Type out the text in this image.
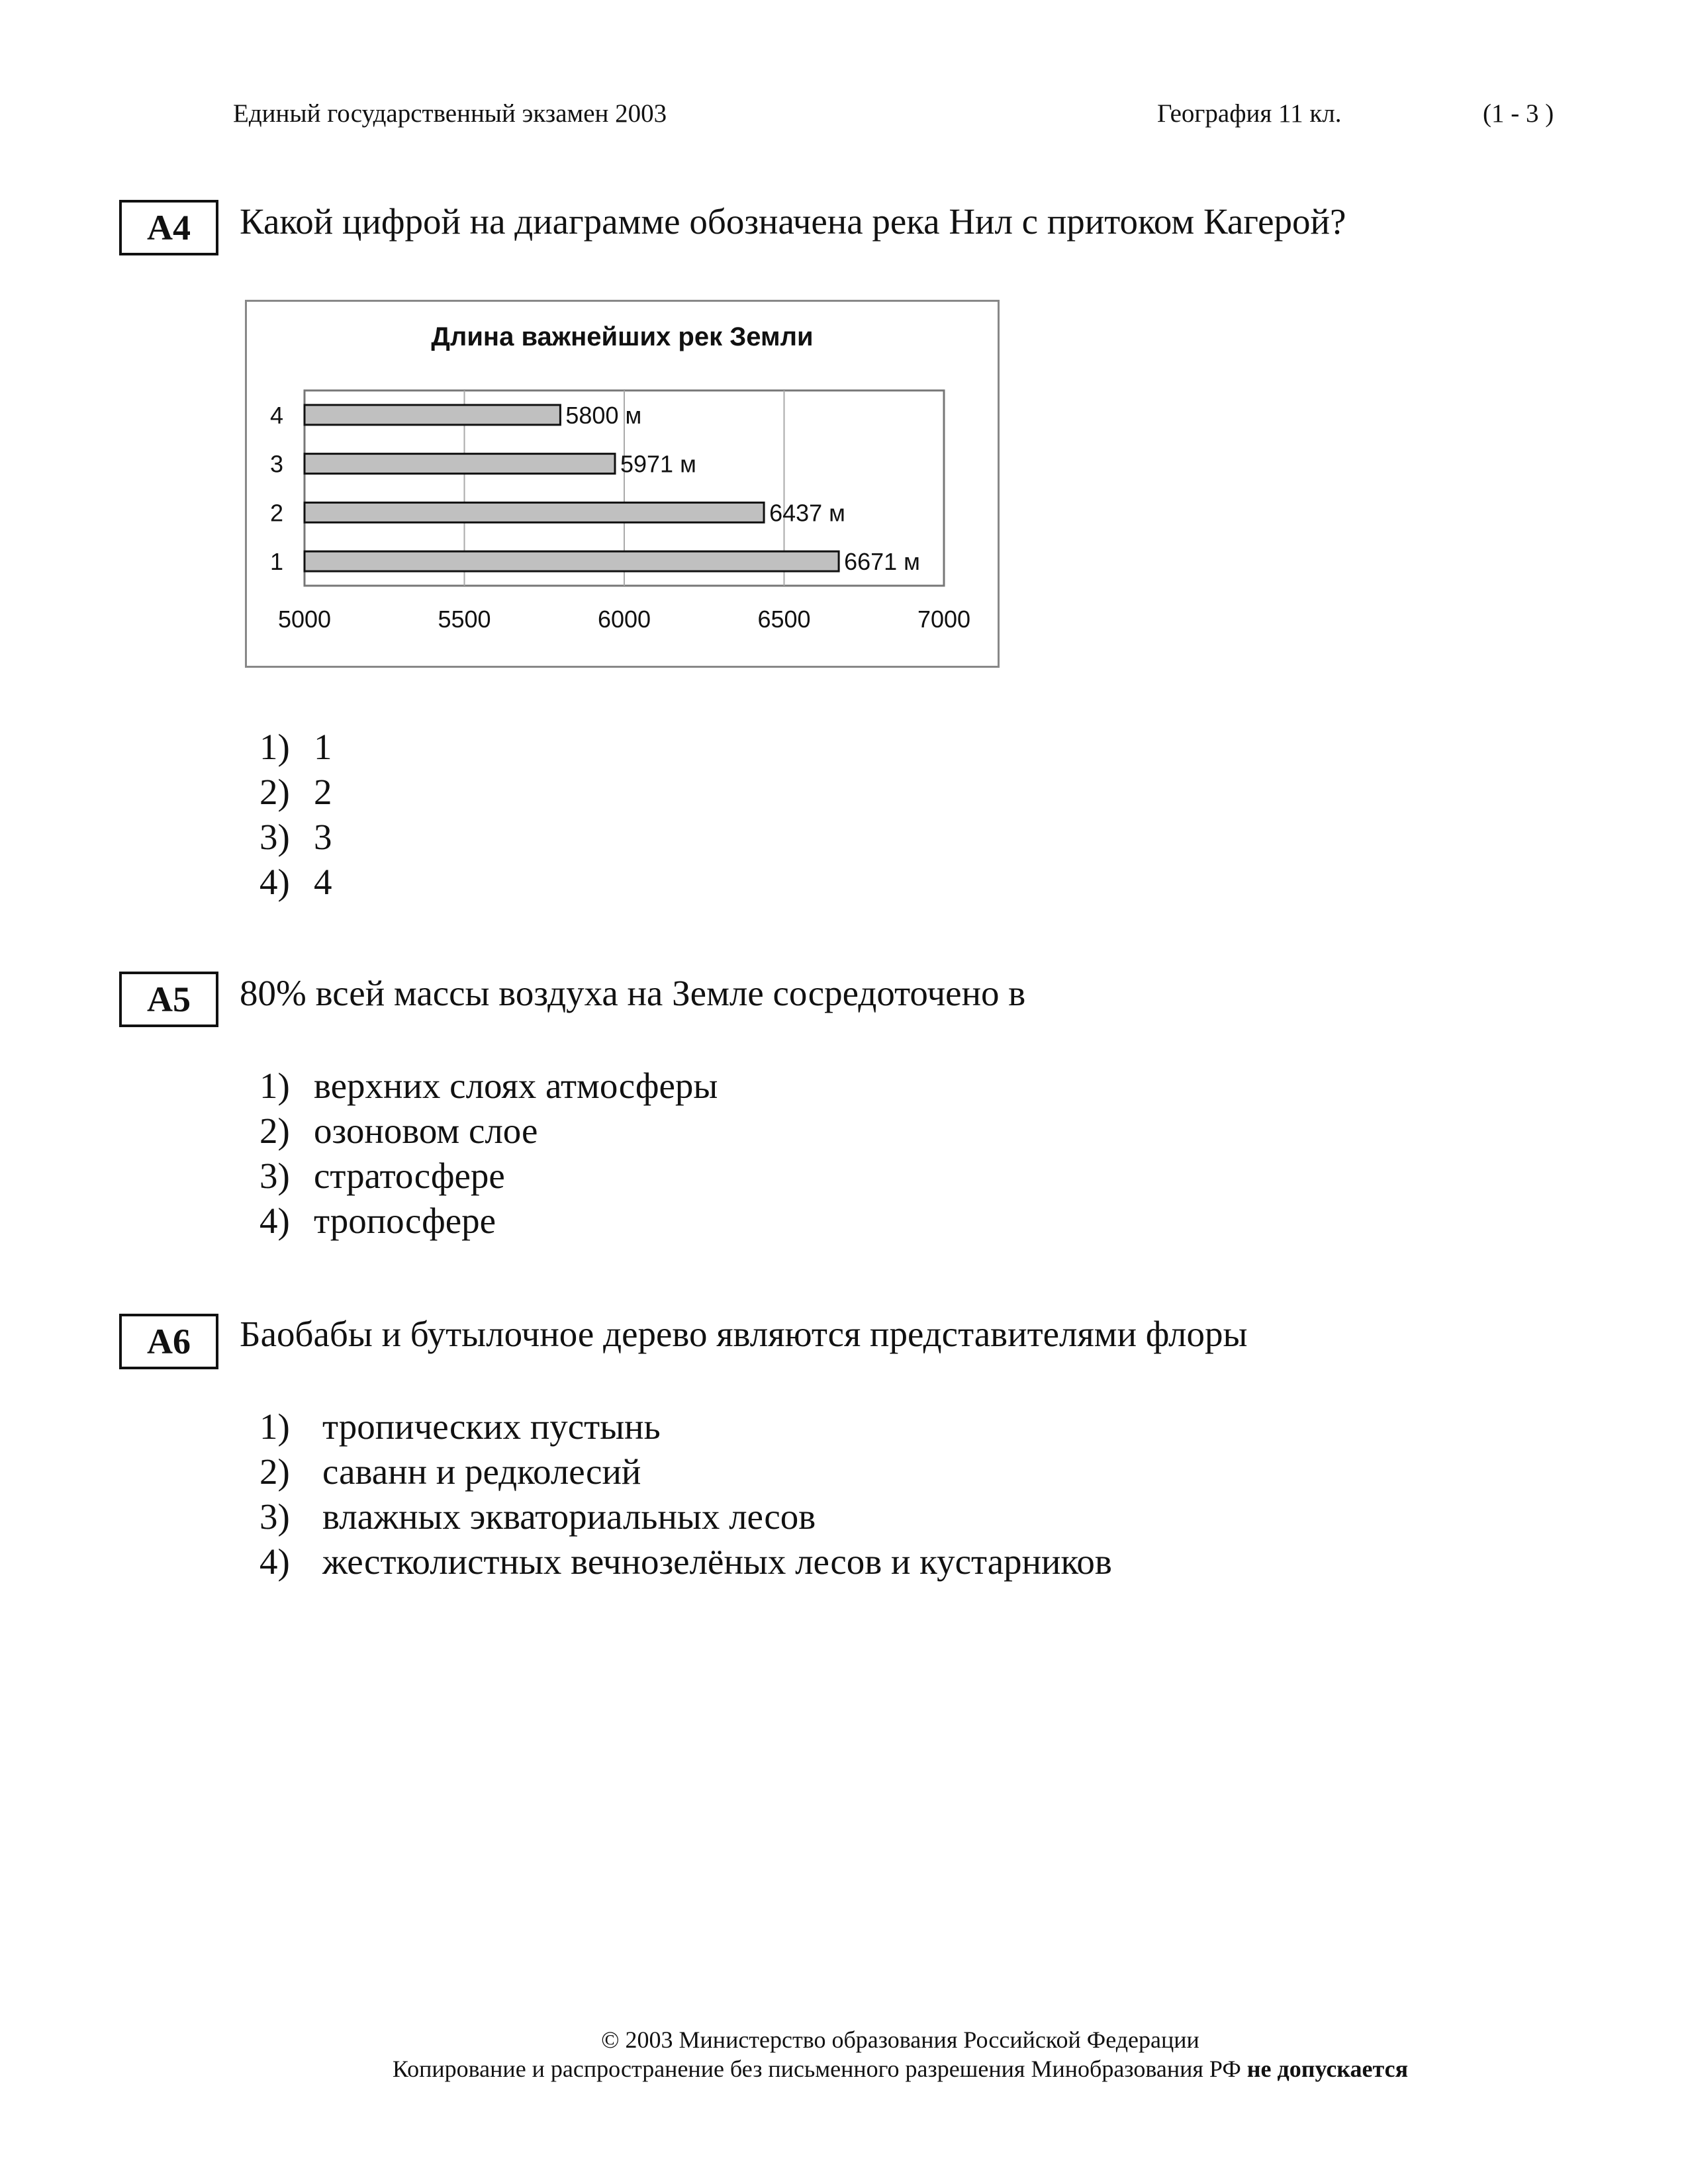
Единый государственный экзамен 2003	География 11 кл.	(1 - 3 )
А4	Какой цифрой на диаграмме обозначена река Нил с притоком Кагерой?
Длина важнейших рек Земли
5000	5500	6000	6500	7000
1	6671 м
2	6437 м
3	5971 м
4	5800 м
1) 1
2) 2
3) 3
4) 4
А5	80% всей массы воздуха на Земле сосредоточено в
1) верхних слоях атмосферы
2) озоновом слое
3) стратосфере
4) тропосфере
А6	Баобабы и бутылочное дерево являются представителями флоры
1) тропических пустынь
2) саванн и редколесий
3) влажных экваториальных лесов
4) жестколистных вечнозелёных лесов и кустарников
© 2003 Министерство образования Российской Федерации
Копирование и распространение без письменного разрешения Минобразования РФ не допускается
